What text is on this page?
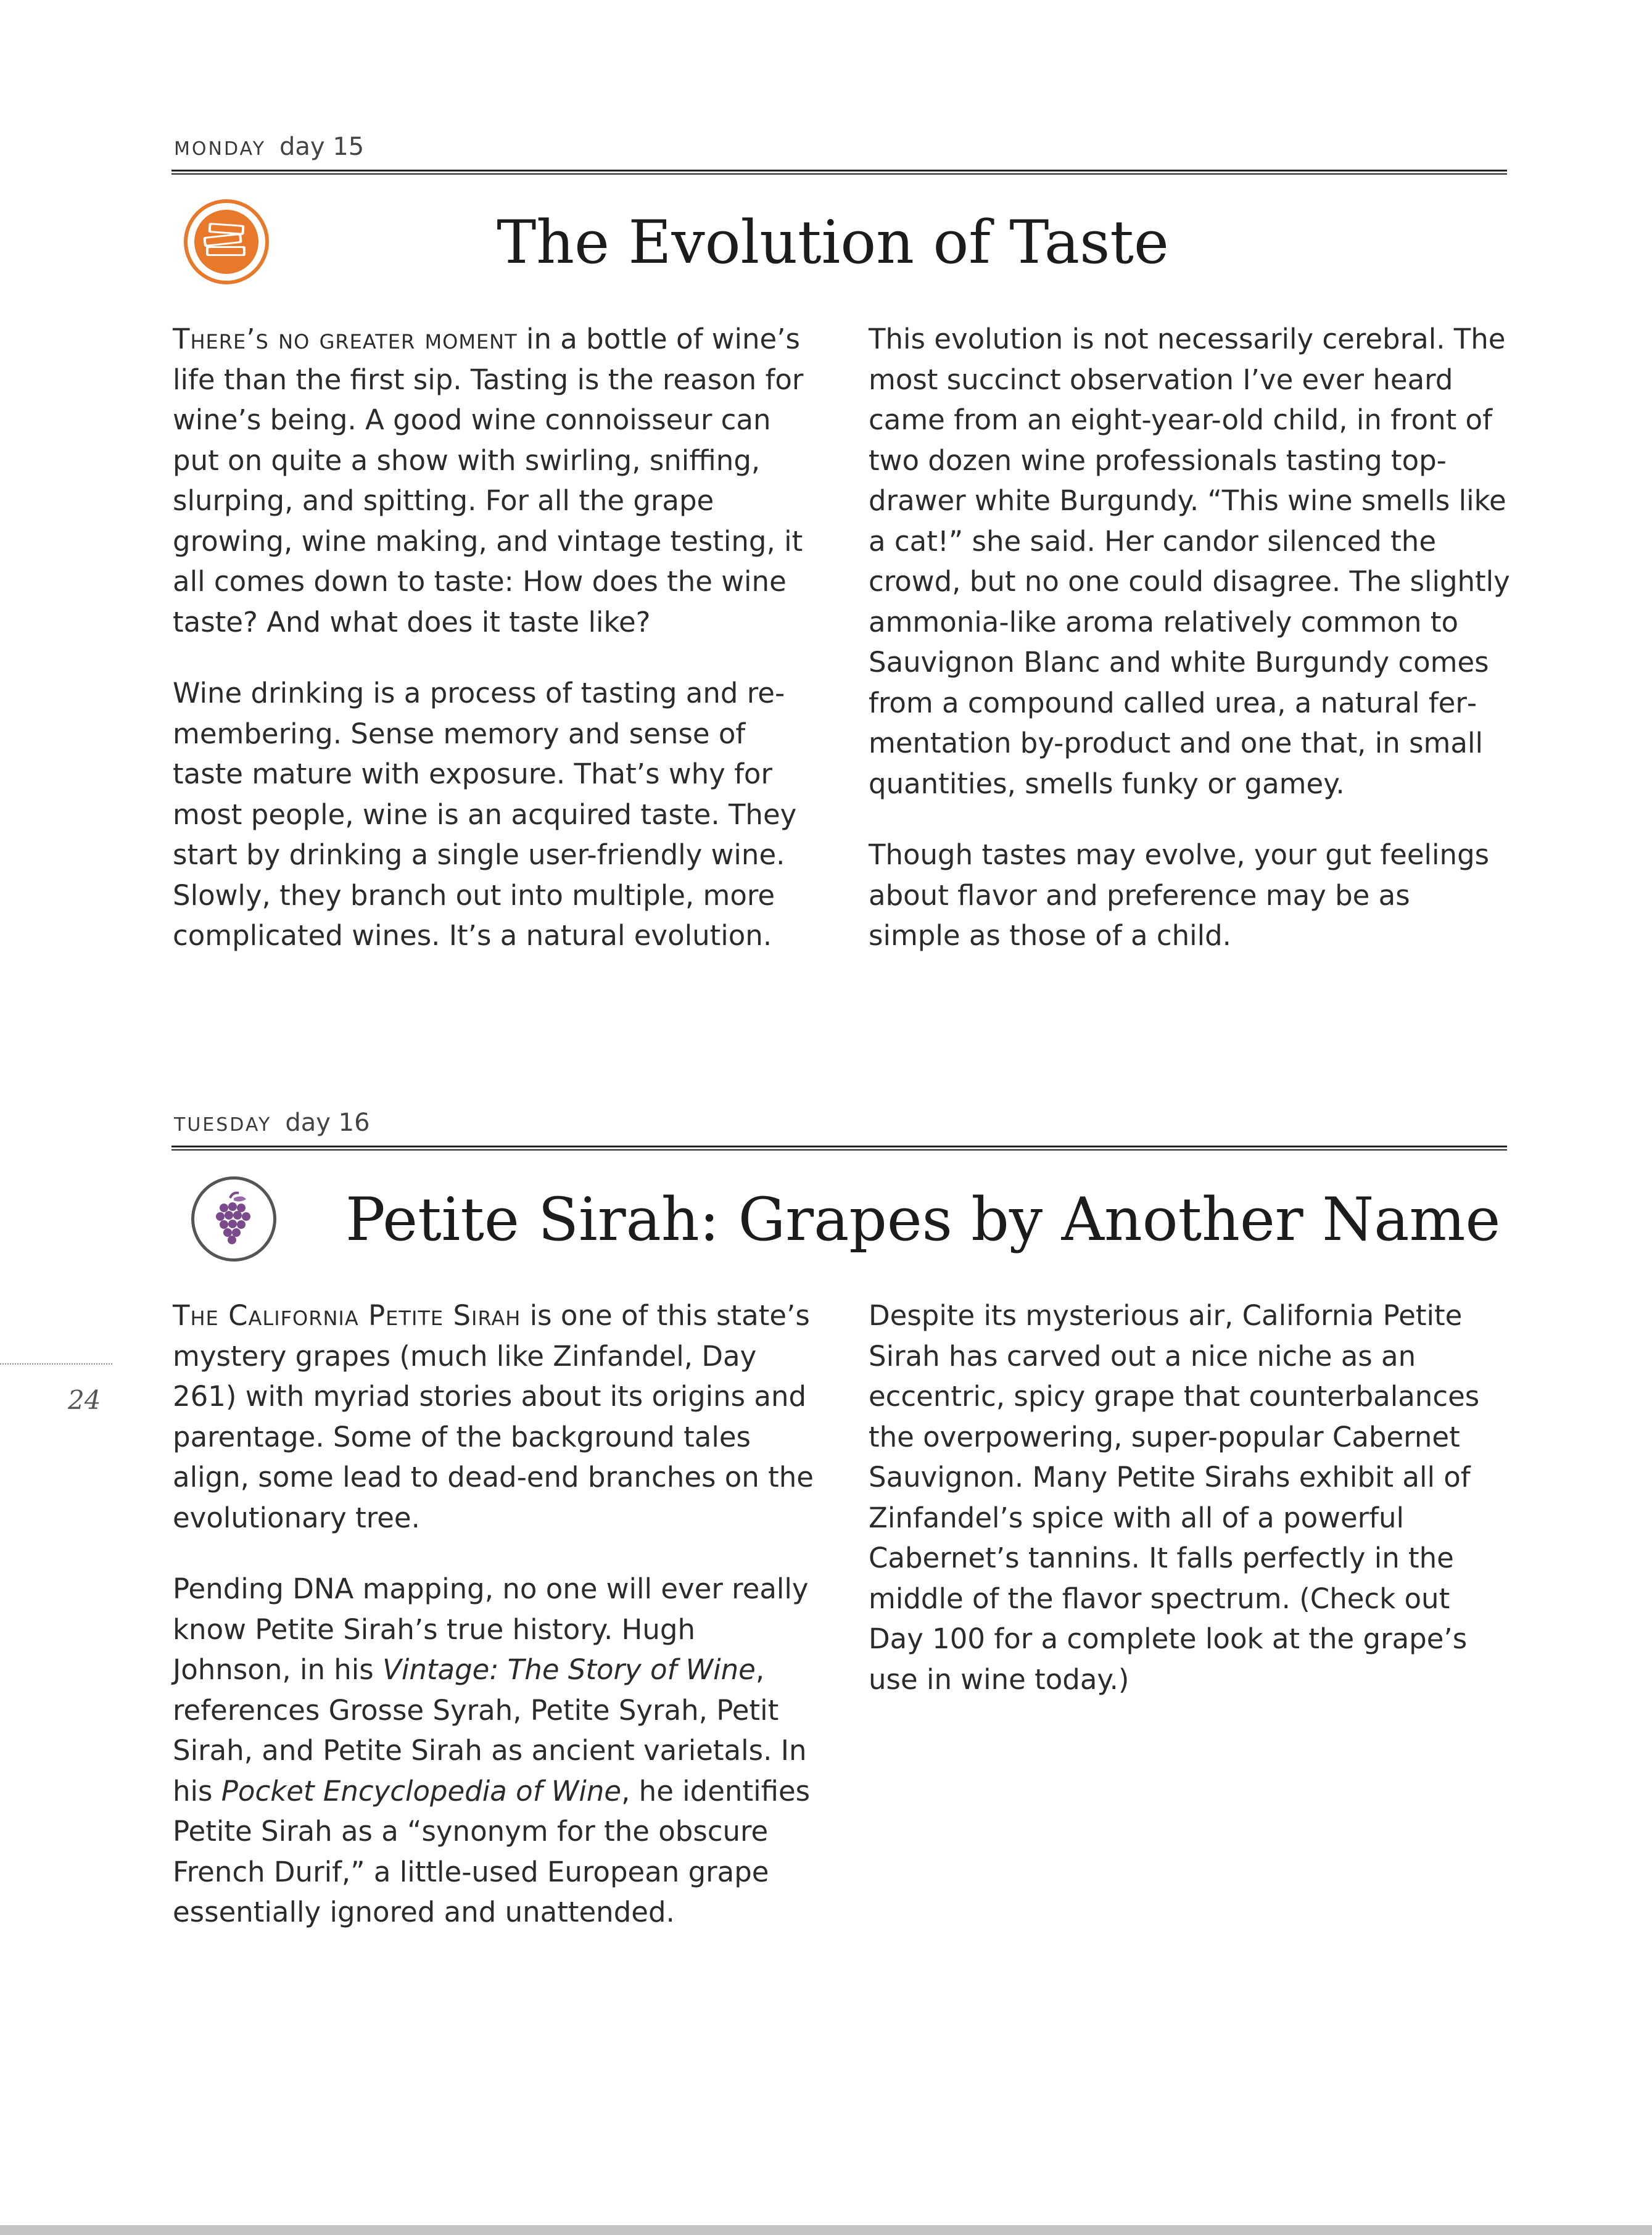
MONDAY day 15
The Evolution of Taste

There’s no greater moment in a bottle of wine’s life than the first sip. Tasting is the reason for wine’s being. A good wine connoisseur can put on quite a show with swirling, sniffing, slurping, and spitting. For all the grape growing, wine making, and vintage testing, it all comes down to taste: How does the wine taste? And what does it taste like?

Wine drinking is a process of tasting and remembering. Sense memory and sense of taste mature with exposure. That’s why for most people, wine is an acquired taste. They start by drinking a single user-friendly wine. Slowly, they branch out into multiple, more complicated wines. It’s a natural evolution.

This evolution is not necessarily cerebral. The most succinct observation I’ve ever heard came from an eight-year-old child, in front of two dozen wine professionals tasting top-drawer white Burgundy. “This wine smells like a cat!” she said. Her candor silenced the crowd, but no one could disagree. The slightly ammonia-like aroma relatively common to Sauvignon Blanc and white Burgundy comes from a compound called urea, a natural fermentation by-product and one that, in small quantities, smells funky or gamey.

Though tastes may evolve, your gut feelings about flavor and preference may be as simple as those of a child.

TUESDAY day 16
Petite Sirah: Grapes by Another Name

The California Petite Sirah is one of this state’s mystery grapes (much like Zinfandel, Day 261) with myriad stories about its origins and parentage. Some of the background tales align, some lead to dead-end branches on the evolutionary tree.

Pending DNA mapping, no one will ever really know Petite Sirah’s true history. Hugh Johnson, in his Vintage: The Story of Wine, references Grosse Syrah, Petite Syrah, Petit Sirah, and Petite Sirah as ancient varietals. In his Pocket Encyclopedia of Wine, he identifies Petite Sirah as a “synonym for the obscure French Durif,” a little-used European grape essentially ignored and unattended.

Despite its mysterious air, California Petite Sirah has carved out a nice niche as an eccentric, spicy grape that counterbalances the overpowering, super-popular Cabernet Sauvignon. Many Petite Sirahs exhibit all of Zinfandel’s spice with all of a powerful Cabernet’s tannins. It falls perfectly in the middle of the flavor spectrum. (Check out Day 100 for a complete look at the grape’s use in wine today.)

24
